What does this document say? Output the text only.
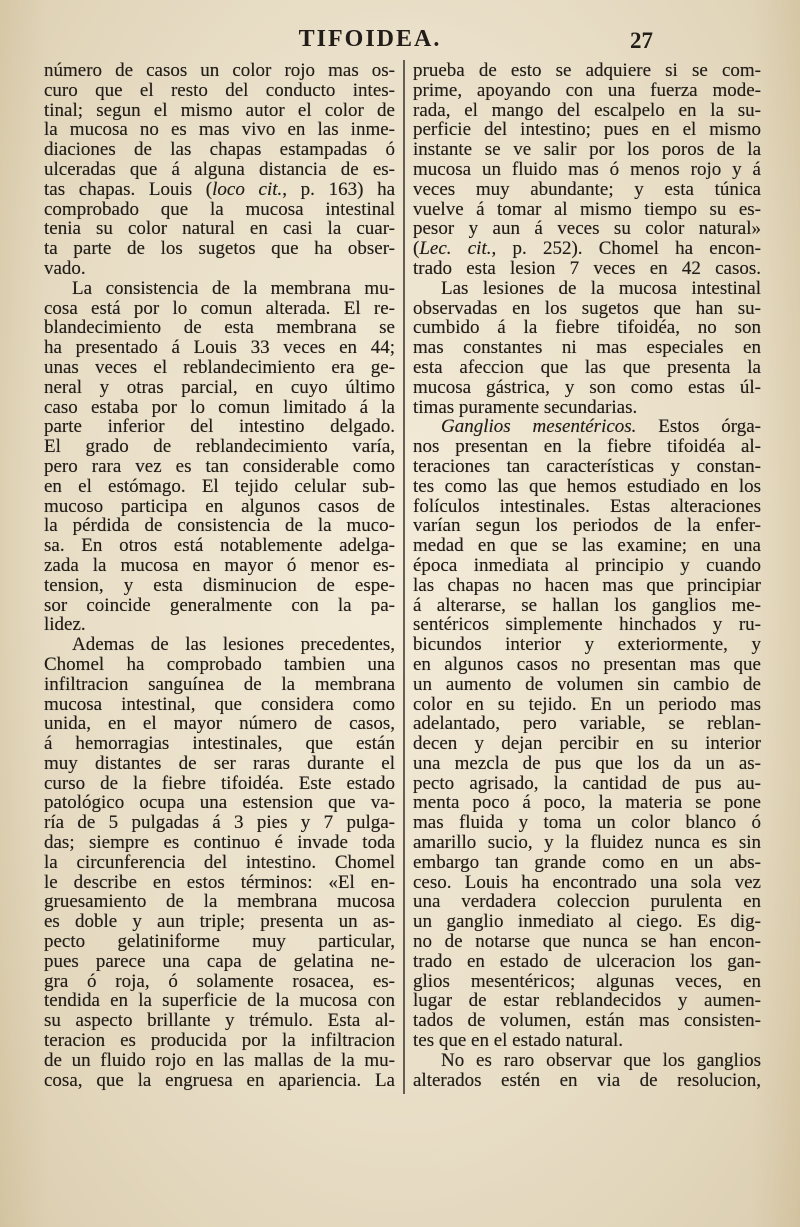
TIFOIDEA.	27
número de casos un color rojo mas os-
curo que el resto del conducto intes-
tinal; segun el mismo autor el color de
la mucosa no es mas vivo en las inme-
diaciones de las chapas estampadas ó
ulceradas que á alguna distancia de es-
tas chapas. Louis (loco cit., p. 163) ha
comprobado que la mucosa intestinal
tenia su color natural en casi la cuar-
ta parte de los sugetos que ha obser-
vado.
La consistencia de la membrana mu-
cosa está por lo comun alterada. El re-
blandecimiento de esta membrana se
ha presentado á Louis 33 veces en 44;
unas veces el reblandecimiento era ge-
neral y otras parcial, en cuyo último
caso estaba por lo comun limitado á la
parte inferior del intestino delgado.
El grado de reblandecimiento varía,
pero rara vez es tan considerable como
en el estómago. El tejido celular sub-
mucoso participa en algunos casos de
la pérdida de consistencia de la muco-
sa. En otros está notablemente adelga-
zada la mucosa en mayor ó menor es-
tension, y esta disminucion de espe-
sor coincide generalmente con la pa-
lidez.
Ademas de las lesiones precedentes,
Chomel ha comprobado tambien una
infiltracion sanguínea de la membrana
mucosa intestinal, que considera como
unida, en el mayor número de casos,
á hemorragias intestinales, que están
muy distantes de ser raras durante el
curso de la fiebre tifoidéa. Este estado
patológico ocupa una estension que va-
ría de 5 pulgadas á 3 pies y 7 pulga-
das; siempre es continuo é invade toda
la circunferencia del intestino. Chomel
le describe en estos términos: «El en-
gruesamiento de la membrana mucosa
es doble y aun triple; presenta un as-
pecto gelatiniforme muy particular,
pues parece una capa de gelatina ne-
gra ó roja, ó solamente rosacea, es-
tendida en la superficie de la mucosa con
su aspecto brillante y trémulo. Esta al-
teracion es producida por la infiltracion
de un fluido rojo en las mallas de la mu-
cosa, que la engruesa en apariencia. La
prueba de esto se adquiere si se com-
prime, apoyando con una fuerza mode-
rada, el mango del escalpelo en la su-
perficie del intestino; pues en el mismo
instante se ve salir por los poros de la
mucosa un fluido mas ó menos rojo y á
veces muy abundante; y esta túnica
vuelve á tomar al mismo tiempo su es-
pesor y aun á veces su color natural»
(Lec. cit., p. 252). Chomel ha encon-
trado esta lesion 7 veces en 42 casos.
Las lesiones de la mucosa intestinal
observadas en los sugetos que han su-
cumbido á la fiebre tifoidéa, no son
mas constantes ni mas especiales en
esta afeccion que las que presenta la
mucosa gástrica, y son como estas úl-
timas puramente secundarias.
Ganglios mesentéricos. Estos órga-
nos presentan en la fiebre tifoidéa al-
teraciones tan características y constan-
tes como las que hemos estudiado en los
folículos intestinales. Estas alteraciones
varían segun los periodos de la enfer-
medad en que se las examine; en una
época inmediata al principio y cuando
las chapas no hacen mas que principiar
á alterarse, se hallan los ganglios me-
sentéricos simplemente hinchados y ru-
bicundos interior y exteriormente, y
en algunos casos no presentan mas que
un aumento de volumen sin cambio de
color en su tejido. En un periodo mas
adelantado, pero variable, se reblan-
decen y dejan percibir en su interior
una mezcla de pus que los da un as-
pecto agrisado, la cantidad de pus au-
menta poco á poco, la materia se pone
mas fluida y toma un color blanco ó
amarillo sucio, y la fluidez nunca es sin
embargo tan grande como en un abs-
ceso. Louis ha encontrado una sola vez
una verdadera coleccion purulenta en
un ganglio inmediato al ciego. Es dig-
no de notarse que nunca se han encon-
trado en estado de ulceracion los gan-
glios mesentéricos; algunas veces, en
lugar de estar reblandecidos y aumen-
tados de volumen, están mas consisten-
tes que en el estado natural.
No es raro observar que los ganglios
alterados estén en via de resolucion,
